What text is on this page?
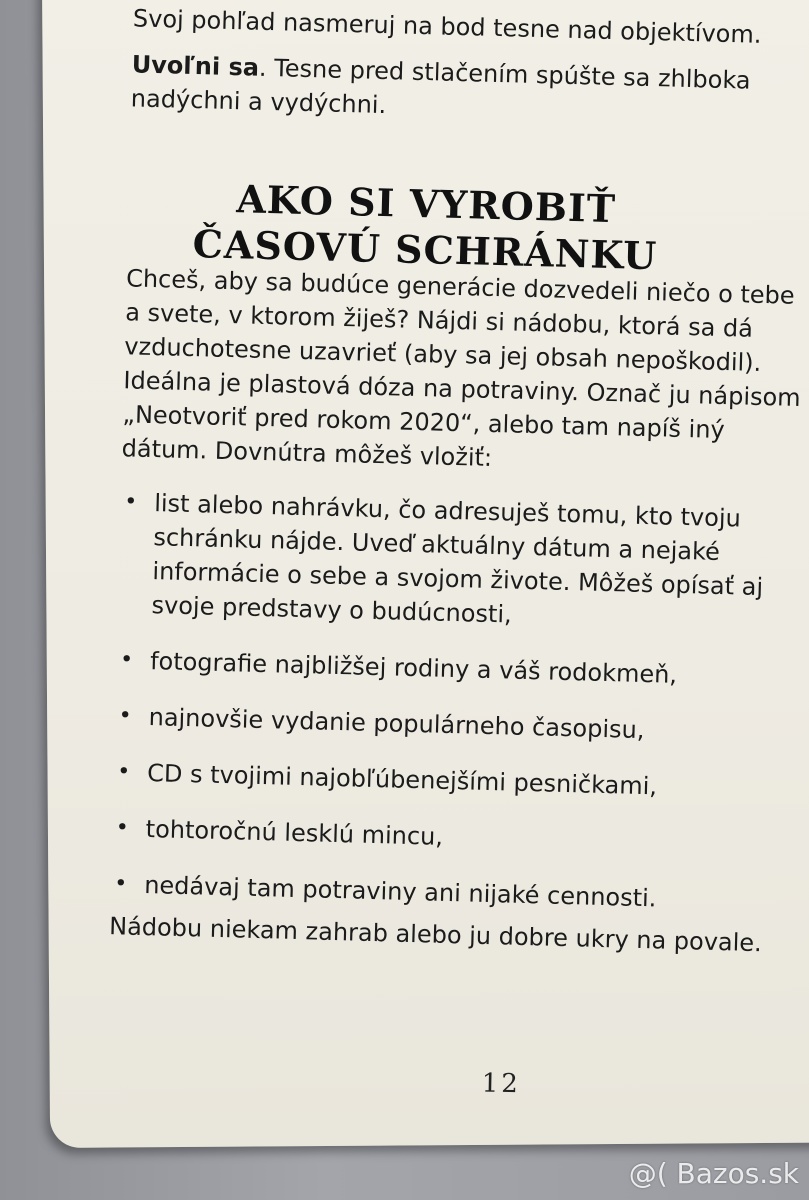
Svoj pohľad nasmeruj na bod tesne nad objektívom.

Uvoľni sa. Tesne pred stlačením spúšte sa zhlboka nadýchni a vydýchni.

AKO SI VYROBIŤ ČASOVÚ SCHRÁNKU

Chceš, aby sa budúce generácie dozvedeli niečo o tebe a svete, v ktorom žiješ? Nájdi si nádobu, ktorá sa dá vzduchotesne uzavrieť (aby sa jej obsah nepoškodil). Ideálna je plastová dóza na potraviny. Označ ju nápisom „Neotvoriť pred rokom 2020“, alebo tam napíš iný dátum. Dovnútra môžeš vložiť:

• list alebo nahrávku, čo adresuješ tomu, kto tvoju schránku nájde. Uveď aktuálny dátum a nejaké informácie o sebe a svojom živote. Môžeš opísať aj svoje predstavy o budúcnosti,
• fotografie najbližšej rodiny a váš rodokmeň,
• najnovšie vydanie populárneho časopisu,
• CD s tvojimi najobľúbenejšími pesničkami,
• tohtoročnú lesklú mincu,
• nedávaj tam potraviny ani nijaké cennosti.

Nádobu niekam zahrab alebo ju dobre ukry na povale.

12
@( Bazos.sk
